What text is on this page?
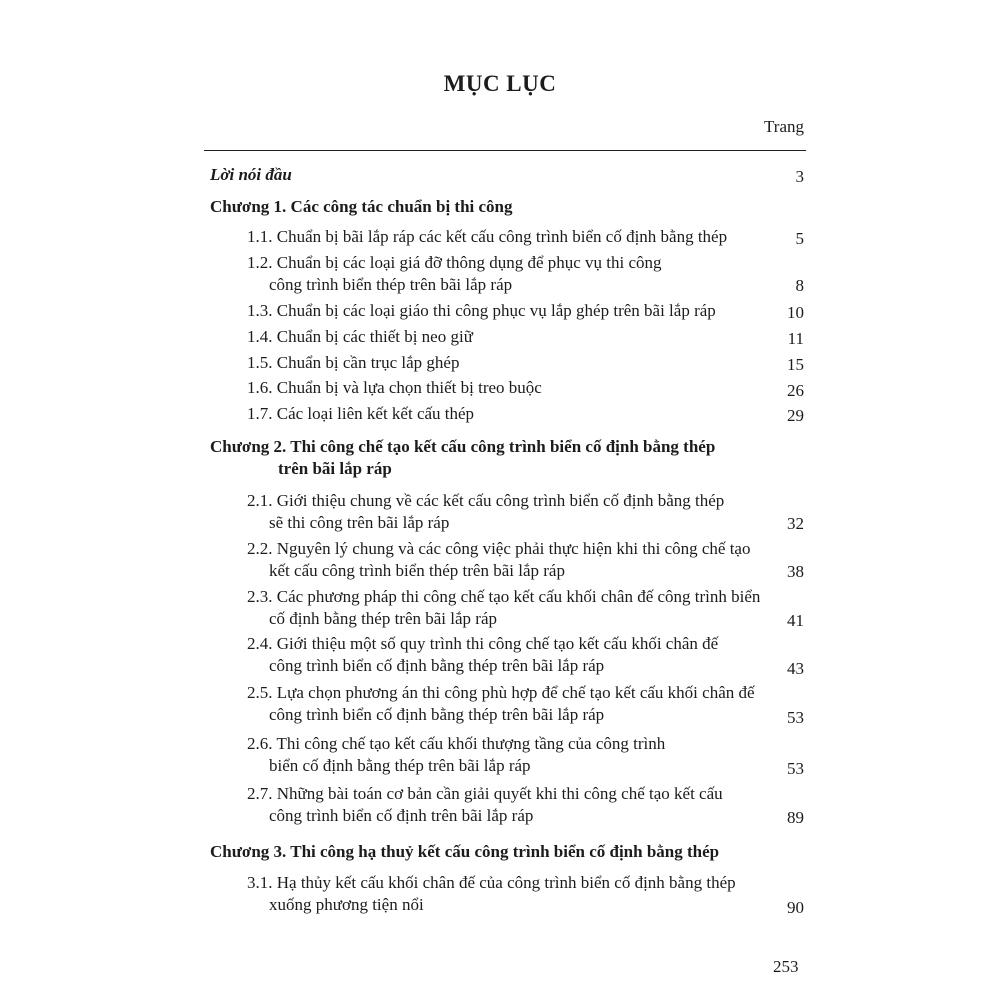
MỤC LỤC
Trang
Lời nói đầu	3
Chương 1. Các công tác chuẩn bị thi công
1.1. Chuẩn bị bãi lắp ráp các kết cấu công trình biển cố định bằng thép	5
1.2. Chuẩn bị các loại giá đỡ thông dụng để phục vụ thi công
công trình biển thép trên bãi lắp ráp	8
1.3. Chuẩn bị các loại giáo thi công phục vụ lắp ghép trên bãi lắp ráp	10
1.4. Chuẩn bị các thiết bị neo giữ	11
1.5. Chuẩn bị cần trục lắp ghép	15
1.6. Chuẩn bị và lựa chọn thiết bị treo buộc	26
1.7. Các loại liên kết kết cấu thép	29
Chương 2. Thi công chế tạo kết cấu công trình biển cố định bằng thép
trên bãi lắp ráp
2.1. Giới thiệu chung về các kết cấu công trình biển cố định bằng thép
sẽ thi công trên bãi lắp ráp	32
2.2. Nguyên lý chung và các công việc phải thực hiện khi thi công chế tạo
kết cấu công trình biển thép trên bãi lắp ráp	38
2.3. Các phương pháp thi công chế tạo kết cấu khối chân đế công trình biển
cố định bằng thép trên bãi lắp ráp	41
2.4. Giới thiệu một số quy trình thi công chế tạo kết cấu khối chân đế
công trình biển cố định bằng thép trên bãi lắp ráp	43
2.5. Lựa chọn phương án thi công phù hợp để chế tạo kết cấu khối chân đế
công trình biển cố định bằng thép trên bãi lắp ráp	53
2.6. Thi công chế tạo kết cấu khối thượng tầng của công trình
biển cố định bằng thép trên bãi lắp ráp	53
2.7. Những bài toán cơ bản cần giải quyết khi thi công chế tạo kết cấu
công trình biển cố định trên bãi lắp ráp	89
Chương 3. Thi công hạ thuỷ kết cấu công trình biển cố định bằng thép
3.1. Hạ thủy kết cấu khối chân đế của công trình biển cố định bằng thép
xuống phương tiện nổi	90
253
